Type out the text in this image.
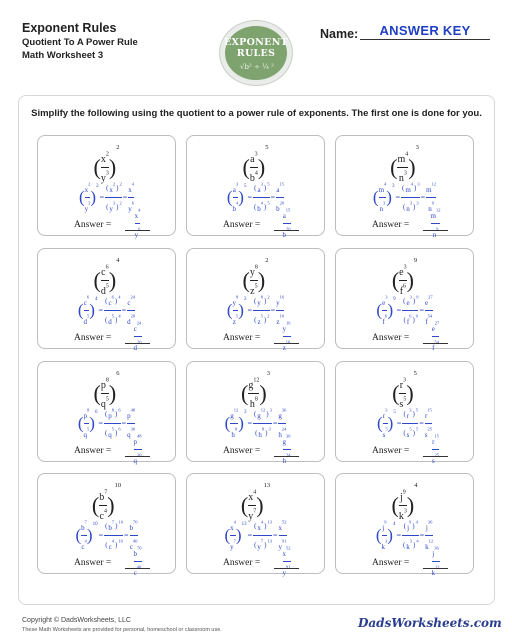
Exponent Rules
Quotient To A Power Rule
Math Worksheet 3
EXPONENT
RULES
√b² ÷ ¼ ²
Name:	ANSWER KEY
Simplify the following using the quotient to a power rule of exponents. The first one is done for you.
( $\frac{x^2}{y^3} )^2$
( $\frac{x^2}{y^3} )^2= \frac{(x^2)^2}{(y^3)^2} = \frac{x^4}{y^6}$
Answer =	$\frac{x^4}{y}$
( $\frac{a^3}{b^4} )^5$
( $\frac{a^3}{b^4} )^5= \frac{(a^3)^5}{(b^4)^5} = \frac{a^{15}}{b^{20}}$
Answer =	$\frac{a^{15}}{b}$
( $\frac{m^4}{n^3} )^3$
( $\frac{m^4}{n^3} )^3= \frac{(m^4)^3}{(n^3)^3} = \frac{m^{12}}{n^9}$
Answer =	$\frac{m^{12}}{n}$
( $\frac{c^6}{d^5} )^4$
( $\frac{c^6}{d^5} )^4= \frac{(c^6)^4}{(d^5)^4} = \frac{c^{24}}{d^{20}}$
Answer =	$\frac{c^{24}}{d}$
( $\frac{y^8}{z^5} )^2$
( $\frac{y^8}{z^5} )^2= \frac{(y^8)^2}{(z^5)^2} = \frac{y^{16}}{z^{10}}$
Answer =	$\frac{y^{16}}{z}$
( $\frac{e^3}{f^6} )^9$
( $\frac{e^3}{f^6} )^9= \frac{(e^3)^9}{(f^6)^9} = \frac{e^{27}}{f^{54}}$
Answer =	$\frac{e^{27}}{f}$
( $\frac{p^8}{q^5} )^6$
( $\frac{p^8}{q^5} )^6= \frac{(p^8)^6}{(q^5)^6} = \frac{p^{48}}{q^{30}}$
Answer =	$\frac{p^{48}}{q}$
( $\frac{g^{12}}{h^8} )^3$
( $\frac{g^{12}}{h^8} )^3= \frac{(g^{12})^3}{(h^8)^3} = \frac{g^{36}}{h^{24}}$
Answer =	$\frac{g^{36}}{h}$
( $\frac{r^3}{s^5} )^5$
( $\frac{r^3}{s^5} )^5= \frac{(r^3)^5}{(s^5)^5} = \frac{r^{15}}{s^{25}}$
Answer =	$\frac{r^{15}}{s}$
( $\frac{b^7}{c^4} )^{10}$
( $\frac{b^7}{c^4} )^{10}= \frac{(b^7)^{10}}{(c^4)^{10}} = \frac{b^{70}}{c^{40}}$
Answer =	$\frac{b^{70}}{c}$
( $\frac{x^4}{y^7} )^{13}$
( $\frac{x^4}{y^7} )^{13}= \frac{(x^4)^{13}}{(y^7)^{13}} = \frac{x^{52}}{y^{91}}$
Answer =	$\frac{x^{52}}{y}$
( $\frac{j^9}{k^3} )^4$
( $\frac{j^9}{k^3} )^4= \frac{(j^9)^4}{(k^3)^4} = \frac{j^{36}}{k^{12}}$
Answer =	$\frac{j^{36}}{k}$
Copyright © DadsWorksheets, LLC
These Math Worksheets are provided for personal, homeschool or classroom use.	DadsWorksheets.com
